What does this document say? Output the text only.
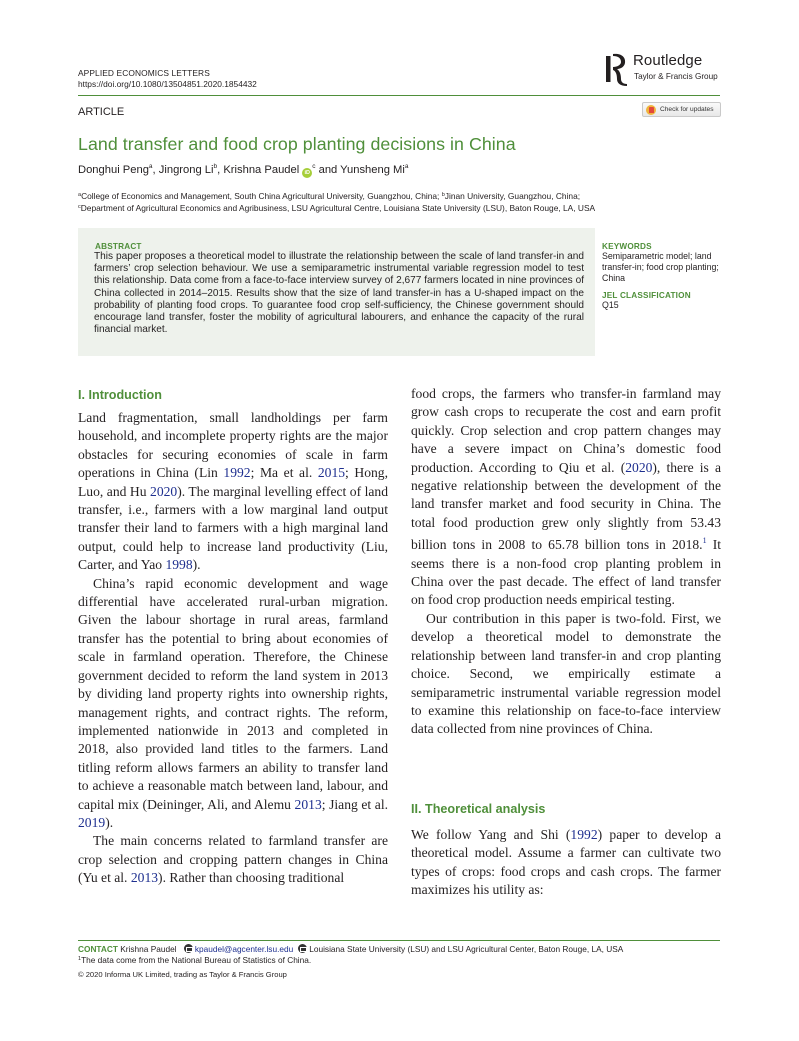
APPLIED ECONOMICS LETTERS
https://doi.org/10.1080/13504851.2020.1854432
ARTICLE
Routledge
Taylor & Francis Group
Check for updates
Land transfer and food crop planting decisions in China
Donghui Peng$^a$, Jingrong Li$^b$, Krishna Paudel $iD^c$ and Yunsheng Mi$^a$
$^a$College of Economics and Management, South China Agricultural University, Guangzhou, China; $^b$Jinan University, Guangzhou, China;
$^c$Department of Agricultural Economics and Agribusiness, LSU Agricultural Centre, Louisiana State University (LSU), Baton Rouge, LA, USA
ABSTRACT
This paper proposes a theoretical model to illustrate the relationship between the scale of land transfer-in and farmers’ crop selection behaviour. We use a semiparametric instrumental variable regression model to test this relationship. Data come from a face-to-face interview survey of 2,677 farmers located in nine provinces of China collected in 2014–2015. Results show that the size of land transfer-in has a U-shaped impact on the probability of planting food crops. To guarantee food crop self-sufficiency, the Chinese government should encourage land transfer, foster the mobility of agricultural labourers, and enhance the capacity of the rural financial market.
KEYWORDS
Semiparametric model; land transfer-in; food crop planting; China
JEL CLASSIFICATION
Q15
I. Introduction

Land fragmentation, small landholdings per farm household, and incomplete property rights are the major obstacles for securing economies of scale in farm operations in China (Lin 1992; Ma et al. 2015; Hong, Luo, and Hu 2020). The marginal levelling effect of land transfer, i.e., farmers with a low marginal land output transfer their land to farmers with a high marginal land output, could help to increase land productivity (Liu, Carter, and Yao 1998).

China’s rapid economic development and wage differential have accelerated rural-urban migration. Given the labour shortage in rural areas, farmland transfer has the potential to bring about economies of scale in farmland operation. Therefore, the Chinese government decided to reform the land system in 2013 by dividing land property rights into ownership rights, management rights, and contract rights. The reform, implemented nationwide in 2013 and completed in 2018, also provided land titles to the farmers. Land titling reform allows farmers an ability to transfer land to achieve a reasonable match between land, labour, and capital mix (Deininger, Ali, and Alemu 2013; Jiang et al. 2019).

The main concerns related to farmland transfer are crop selection and cropping pattern changes in China (Yu et al. 2013). Rather than choosing traditional

food crops, the farmers who transfer-in farmland may grow cash crops to recuperate the cost and earn profit quickly. Crop selection and crop pattern changes may have a severe impact on China’s domestic food production. According to Qiu et al. (2020), there is a negative relationship between the development of the land transfer market and food security in China. The total food production grew only slightly from 53.43 billion tons in 2008 to 65.78 billion tons in 2018.$^1$ It seems there is a non-food crop planting problem in China over the past decade. The effect of land transfer on food crop production needs empirical testing.

Our contribution in this paper is two-fold. First, we develop a theoretical model to demonstrate the relationship between land transfer-in and crop planting choice. Second, we empirically estimate a semiparametric instrumental variable regression model to examine this relationship on face-to-face interview data collected from nine provinces of China.

II. Theoretical analysis

We follow Yang and Shi (1992) paper to develop a theoretical model. Assume a farmer can cultivate two types of crops: food crops and cash crops. The farmer maximizes his utility as:

CONTACT Krishna Paudel kpaudel@agcenter.lsu.edu Louisiana State University (LSU) and LSU Agricultural Center, Baton Rouge, LA, USA
$^1$The data come from the National Bureau of Statistics of China.
© 2020 Informa UK Limited, trading as Taylor & Francis Group
